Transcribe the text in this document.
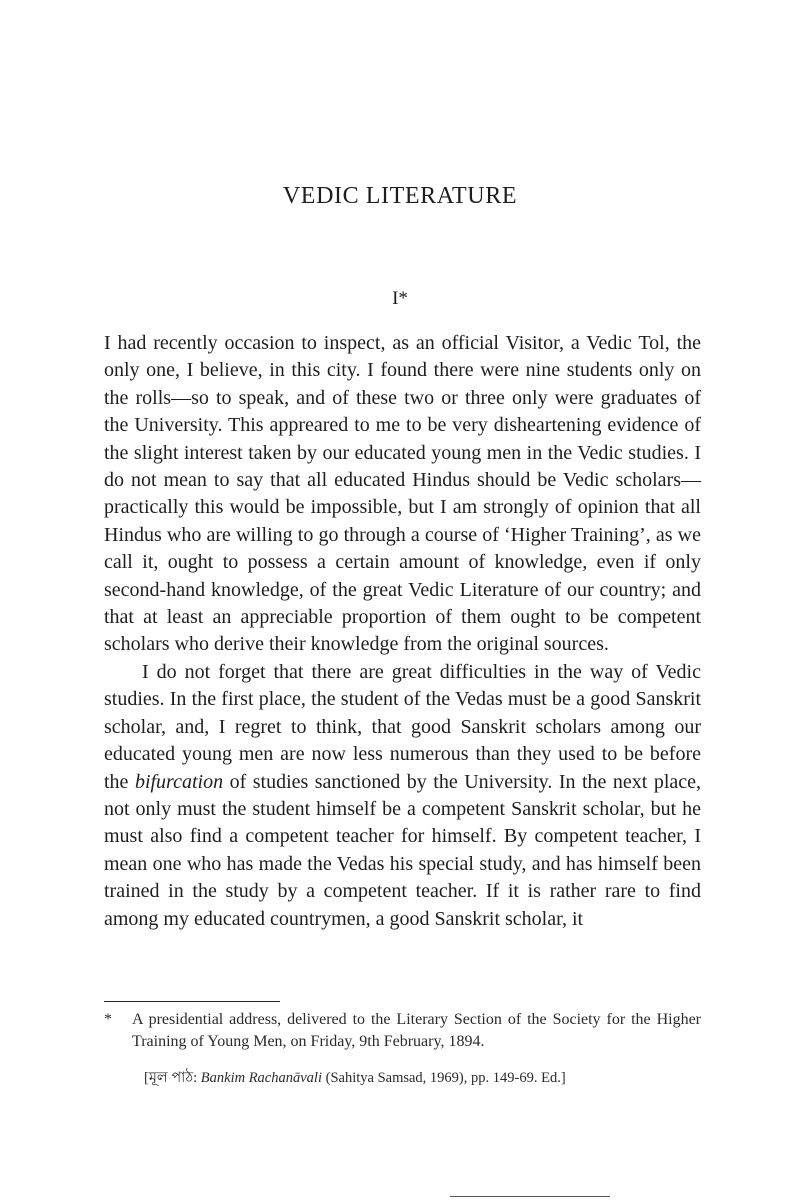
VEDIC LITERATURE
I*

I had recently occasion to inspect, as an official Visitor, a Vedic Tol, the only one, I believe, in this city. I found there were nine students only on the rolls—so to speak, and of these two or three only were graduates of the University. This appreared to me to be very disheartening evidence of the slight interest taken by our educated young men in the Vedic studies. I do not mean to say that all educated Hindus should be Vedic scholars—practically this would be impossible, but I am strongly of opinion that all Hindus who are willing to go through a course of ‘Higher Training’, as we call it, ought to possess a certain amount of knowledge, even if only second-hand knowledge, of the great Vedic Literature of our country; and that at least an appreciable proportion of them ought to be competent scholars who derive their knowledge from the original sources.

I do not forget that there are great difficulties in the way of Vedic studies. In the first place, the student of the Vedas must be a good Sanskrit scholar, and, I regret to think, that good Sanskrit scholars among our educated young men are now less numerous than they used to be before the bifurcation of studies sanctioned by the University. In the next place, not only must the student himself be a competent Sanskrit scholar, but he must also find a competent teacher for himself. By competent teacher, I mean one who has made the Vedas his special study, and has himself been trained in the study by a competent teacher. If it is rather rare to find among my educated countrymen, a good Sanskrit scholar, it

* A presidential address, delivered to the Literary Section of the Society for the Higher Training of Young Men, on Friday, 9th February, 1894.
[মূল পাঠ: Bankim Rachanāvali (Sahitya Samsad, 1969), pp. 149-69. Ed.]
